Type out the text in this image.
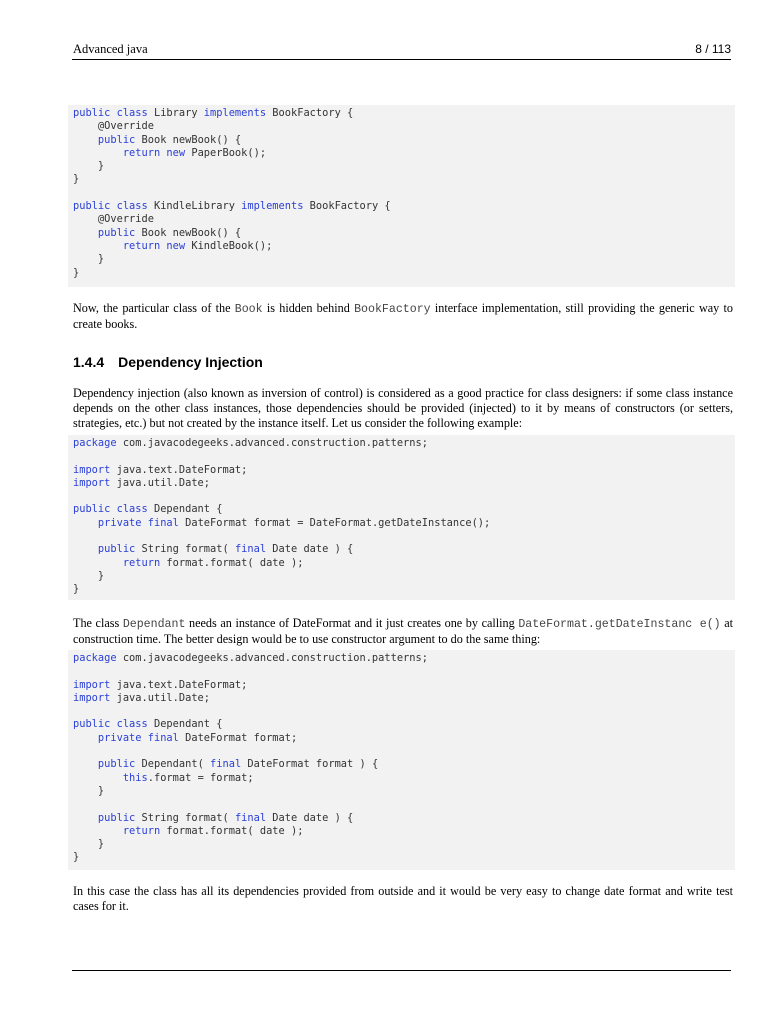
Advanced java	8 / 113
public class Library implements BookFactory {
@Override
public Book newBook() {
return new PaperBook();
}
}
public class KindleLibrary implements BookFactory {
@Override
public Book newBook() {
return new KindleBook();
}
}
Now, the particular class of the Book is hidden behind BookFactory interface implementation, still providing the generic way to create books.
1.4.4 Dependency Injection
Dependency injection (also known as inversion of control) is considered as a good practice for class designers: if some class instance depends on the other class instances, those dependencies should be provided (injected) to it by means of constructors (or setters, strategies, etc.) but not created by the instance itself. Let us consider the following example:
package com.javacodegeeks.advanced.construction.patterns;
import java.text.DateFormat;
import java.util.Date;
public class Dependant {
private final DateFormat format = DateFormat.getDateInstance();
public String format( final Date date ) {
return format.format( date );
}
}
The class Dependant needs an instance of DateFormat and it just creates one by calling DateFormat.getDateInstanc e() at construction time. The better design would be to use constructor argument to do the same thing:
package com.javacodegeeks.advanced.construction.patterns;
import java.text.DateFormat;
import java.util.Date;
public class Dependant {
private final DateFormat format;
public Dependant( final DateFormat format ) {
this.format = format;
}
public String format( final Date date ) {
return format.format( date );
}
}
In this case the class has all its dependencies provided from outside and it would be very easy to change date format and write test cases for it.
